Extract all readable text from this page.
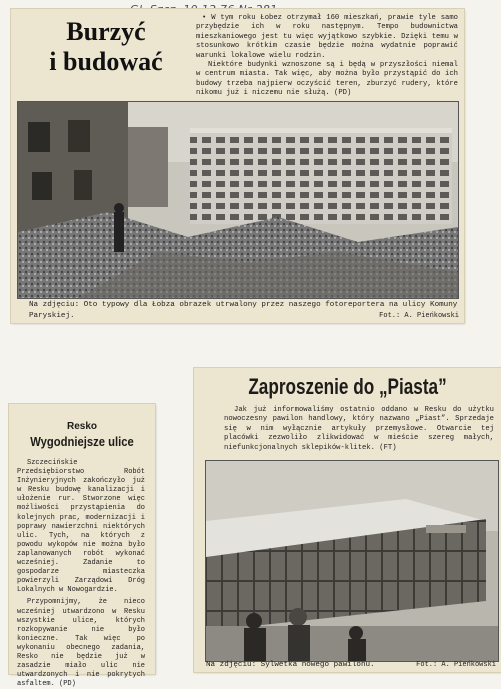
Burzyć
i budować
• W tym roku Łobez otrzymał 160 mieszkań, prawie tyle samo przybędzie ich w roku następnym. Tempo budownictwa mieszkaniowego jest tu więc wyjątkowo szybkie. Dzięki temu w stosunkowo krótkim czasie będzie można wydatnie poprawić warunki lokalowe wielu rodzin.
Niektóre budynki wznoszone są i będą w przyszłości niemal w centrum miasta. Tak więc, aby można było przystąpić do ich budowy trzeba najpierw oczyścić teren, zburzyć rudery, które nikomu już i niczemu nie służą. (PD)
Na zdjęciu: Oto typowy dla Łobza obrazek utrwalony przez naszego fotoreportera na ulicy Komuny Paryskiej.	Fot.: A. Pieńkowski
Resko
Wygodniejsze ulice
Szczecińskie Przedsiębiorstwo Robót Inżynieryjnych zakończyło już w Resku budowę kanalizacji i ułożenie rur. Stworzone więc możliwości przystąpienia do kolejnych prac, modernizacji i poprawy nawierzchni niektórych ulic. Tych, na których z powodu wykopów nie można było zaplanowanych robót wykonać wcześniej. Zadanie to gospodarze miasteczka powierzyli Zarządowi Dróg Lokalnych w Nowogardzie.
Przypomnijmy, że nieco wcześniej utwardzono w Resku wszystkie ulice, których rozkopywanie nie było konieczne. Tak więc po wykonaniu obecnego zadania, Resko nie będzie już w zasadzie miało ulic nie utwardzonych i nie pokrytych asfaltem. (PD)
Zaproszenie do „Piasta”
Jak już informowaliśmy ostatnio oddano w Resku do użytku nowoczesny pawilon handlowy, który nazwano „Piast”. Sprzedaje się w nim wyłącznie artykuły przemysłowe. Otwarcie tej placówki zezwoliło zlikwidować w mieście szereg małych, niefunkcjonalnych sklepików-klitek. (FT)
Na zdjęciu: Sylwetka nowego pawilonu.	Fot.: A. Pieńkowski
